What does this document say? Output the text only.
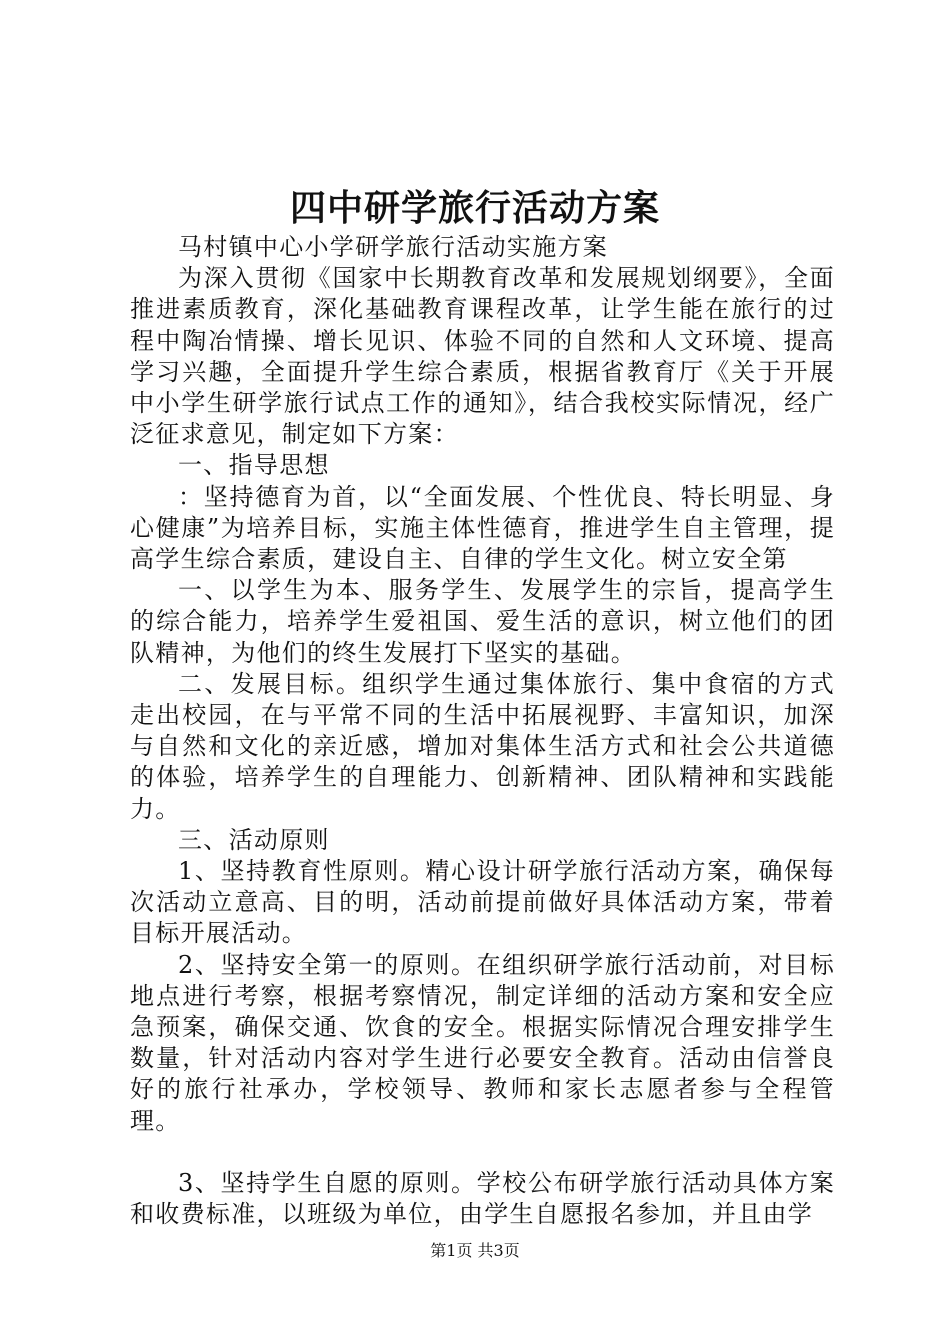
四中研学旅行活动方案

马村镇中心小学研学旅行活动实施方案

为深入贯彻《国家中长期教育改革和发展规划纲要》，全面推进素质教育，深化基础教育课程改革，让学生能在旅行的过程中陶冶情操、增长见识、体验不同的自然和人文环境、提高学习兴趣，全面提升学生综合素质，根据省教育厅《关于开展中小学生研学旅行试点工作的通知》，结合我校实际情况，经广泛征求意见，制定如下方案：

一、指导思想

：坚持德育为首，以“全面发展、个性优良、特长明显、身心健康”为培养目标，实施主体性德育，推进学生自主管理，提高学生综合素质，建设自主、自律的学生文化。树立安全第

一、以学生为本、服务学生、发展学生的宗旨，提高学生的综合能力，培养学生爱祖国、爱生活的意识，树立他们的团队精神，为他们的终生发展打下坚实的基础。

二、发展目标。组织学生通过集体旅行、集中食宿的方式走出校园，在与平常不同的生活中拓展视野、丰富知识，加深与自然和文化的亲近感，增加对集体生活方式和社会公共道德的体验，培养学生的自理能力、创新精神、团队精神和实践能力。

三、活动原则

1、坚持教育性原则。精心设计研学旅行活动方案，确保每次活动立意高、目的明，活动前提前做好具体活动方案，带着目标开展活动。

2、坚持安全第一的原则。在组织研学旅行活动前，对目标地点进行考察，根据考察情况，制定详细的活动方案和安全应急预案，确保交通、饮食的安全。根据实际情况合理安排学生数量，针对活动内容对学生进行必要安全教育。活动由信誉良好的旅行社承办，学校领导、教师和家长志愿者参与全程管理。

3、坚持学生自愿的原则。学校公布研学旅行活动具体方案和收费标准，以班级为单位，由学生自愿报名参加，并且由学

第1页 共3页
